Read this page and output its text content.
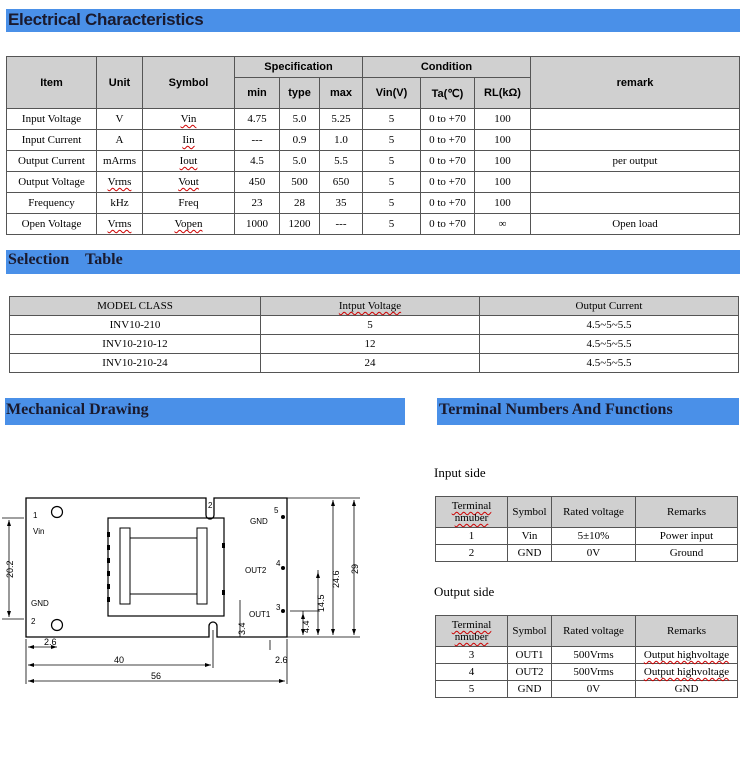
Electrical Characteristics
Item	Unit	Symbol	Specification			Condition			remark
			min	type	max	Vin(V)	Ta(℃)	RL(kΩ)	
Input Voltage	V	Vin	4.75	5.0	5.25	5	0 to +70	100	
Input Current	A	Iin	---	0.9	1.0	5	0 to +70	100	
Output Current	mArms	Iout	4.5	5.0	5.5	5	0 to +70	100	per output
Output Voltage	Vrms	Vout	450	500	650	5	0 to +70	100	
Frequency	kHz	Freq	23	28	35	5	0 to +70	100	
Open Voltage	Vrms	Vopen	1000	1200	---	5	0 to +70	∞	Open load
Selection    Table
MODEL CLASS	Intput Voltage	Output Current
INV10-210	5	4.5~5~5.5
INV10-210-12	12	4.5~5~5.5
INV10-210-24	24	4.5~5~5.5
Mechanical Drawing	Terminal Numbers And Functions
1
Vin
GND
2
2
5
GND
4
OUT2
3
OUT1
20.2
2.6
40
56
3.4
2.6
4.4
14.5
24.6
29
Input side
Terminal nmuber	Symbol	Rated voltage	Remarks
1	Vin	5±10%	Power input
2	GND	0V	Ground
Output side
Terminal nmuber	Symbol	Rated voltage	Remarks
3	OUT1	500Vrms	Output highvoltage
4	OUT2	500Vrms	Output highvoltage
5	GND	0V	GND
